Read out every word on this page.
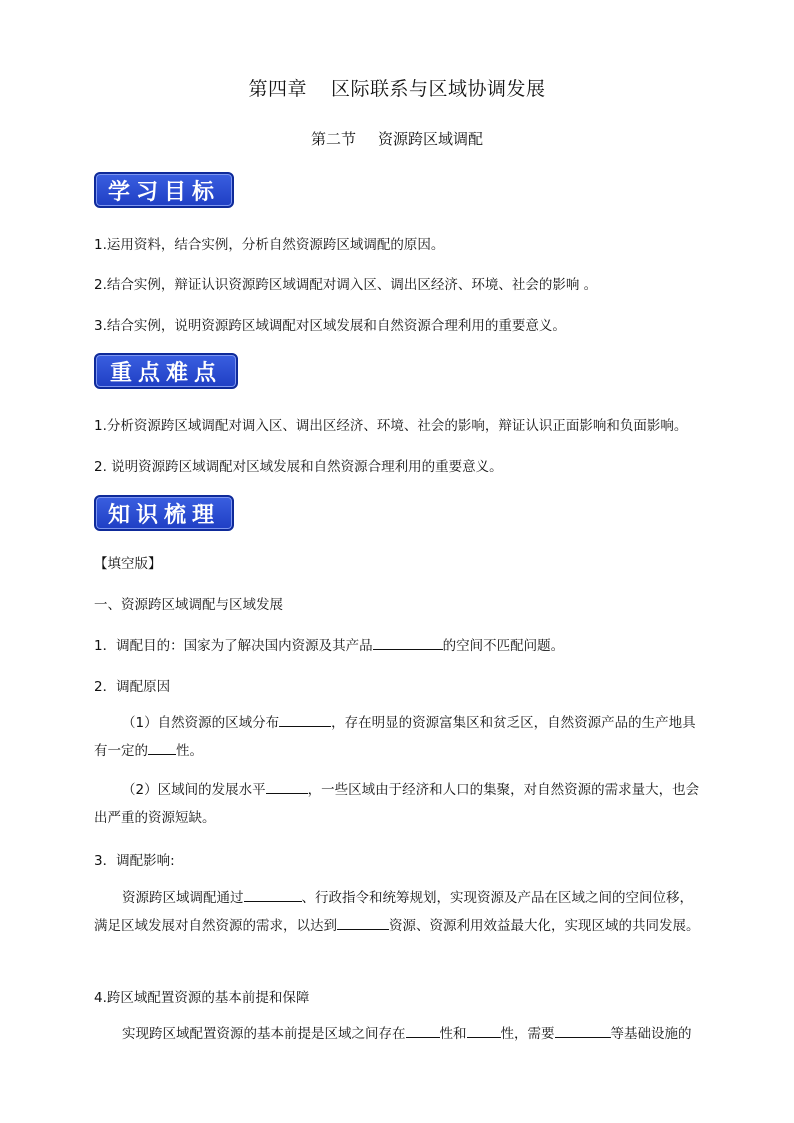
第四章 区际联系与区域协调发展
第二节 资源跨区域调配
学习目标
1.运用资料，结合实例，分析自然资源跨区域调配的原因。
2.结合实例，辩证认识资源跨区域调配对调入区、调出区经济、环境、社会的影响 。
3.结合实例，说明资源跨区域调配对区域发展和自然资源合理利用的重要意义。
重点难点
1.分析资源跨区域调配对调入区、调出区经济、环境、社会的影响，辩证认识正面影响和负面影响。
2. 说明资源跨区域调配对区域发展和自然资源合理利用的重要意义。
知识梳理
【填空版】
一、资源跨区域调配与区域发展
1．调配目的：国家为了解决国内资源及其产品	的空间不匹配问题。
2．调配原因
（1）自然资源的区域分布	，存在明显的资源富集区和贫乏区，自然资源产品的生产地具有一定的 性。
（2）区域间的发展水平	，一些区域由于经济和人口的集聚，对自然资源的需求量大，也会出严重的资源短缺。
3．调配影响:
资源跨区域调配通过	、行政指令和统筹规划，实现资源及产品在区域之间的空间位移，满足区域发展对自然资源的需求，以达到	资源、资源利用效益最大化，实现区域的共同发展。
4.跨区域配置资源的基本前提和保障
实现跨区域配置资源的基本前提是区域之间存在	性和	性，需要	等基础设施的
